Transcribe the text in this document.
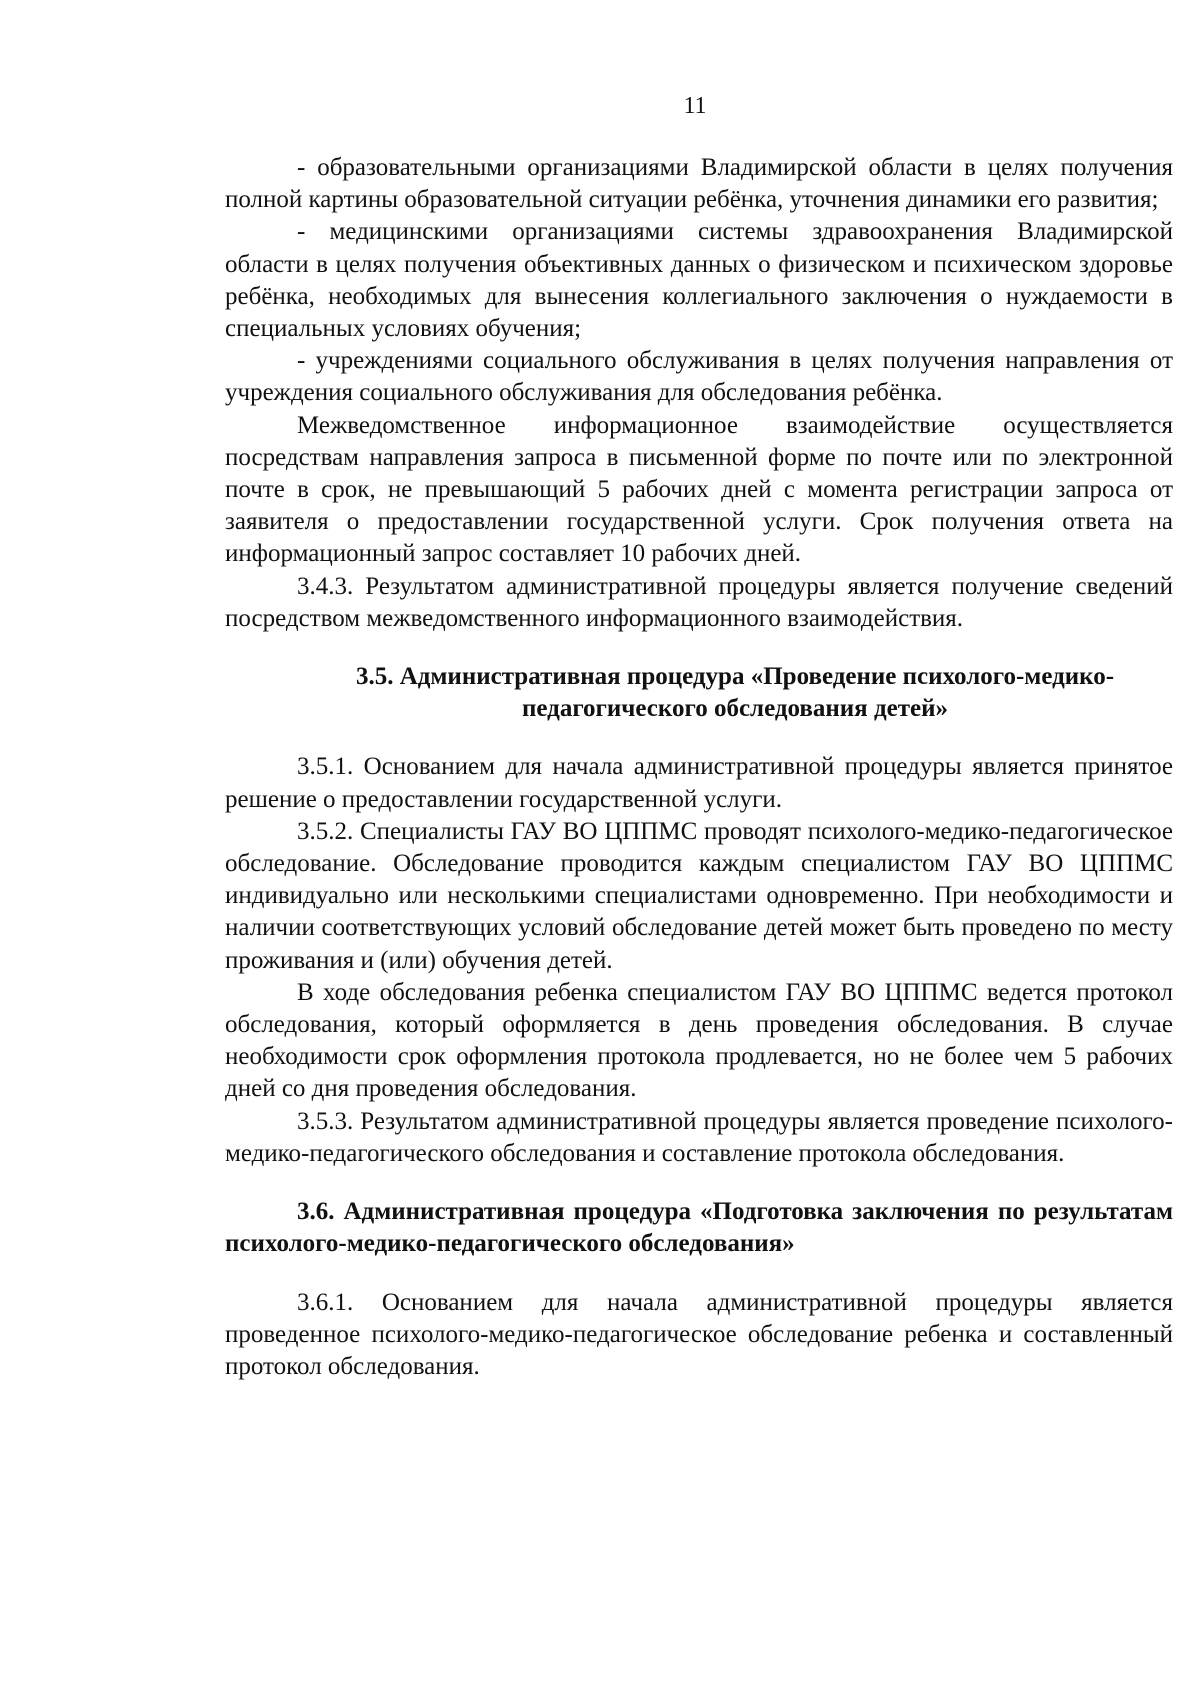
11

- образовательными организациями Владимирской области в целях получения полной картины образовательной ситуации ребёнка, уточнения динамики его развития;

- медицинскими организациями системы здравоохранения Владимирской области в целях получения объективных данных о физическом и психическом здоровье ребёнка, необходимых для вынесения коллегиального заключения о нуждаемости в специальных условиях обучения;

- учреждениями социального обслуживания в целях получения направления от учреждения социального обслуживания для обследования ребёнка.

Межведомственное информационное взаимодействие осуществляется посредствам направления запроса в письменной форме по почте или по электронной почте в срок, не превышающий 5 рабочих дней с момента регистрации запроса от заявителя о предоставлении государственной услуги. Срок получения ответа на информационный запрос составляет 10 рабочих дней.

3.4.3. Результатом административной процедуры является получение сведений посредством межведомственного информационного взаимодействия.

3.5. Административная процедура «Проведение психолого-медико-педагогического обследования детей»

3.5.1. Основанием для начала административной процедуры является принятое решение о предоставлении государственной услуги.

3.5.2. Специалисты ГАУ ВО ЦППМС проводят психолого-медико-педагогическое обследование. Обследование проводится каждым специалистом ГАУ ВО ЦППМС индивидуально или несколькими специалистами одновременно. При необходимости и наличии соответствующих условий обследование детей может быть проведено по месту проживания и (или) обучения детей.

В ходе обследования ребенка специалистом ГАУ ВО ЦППМС ведется протокол обследования, который оформляется в день проведения обследования. В случае необходимости срок оформления протокола продлевается, но не более чем 5 рабочих дней со дня проведения обследования.

3.5.3. Результатом административной процедуры является проведение психолого-медико-педагогического обследования и составление протокола обследования.

3.6. Административная процедура «Подготовка заключения по результатам психолого-медико-педагогического обследования»

3.6.1. Основанием для начала административной процедуры является проведенное психолого-медико-педагогическое обследование ребенка и составленный протокол обследования.
